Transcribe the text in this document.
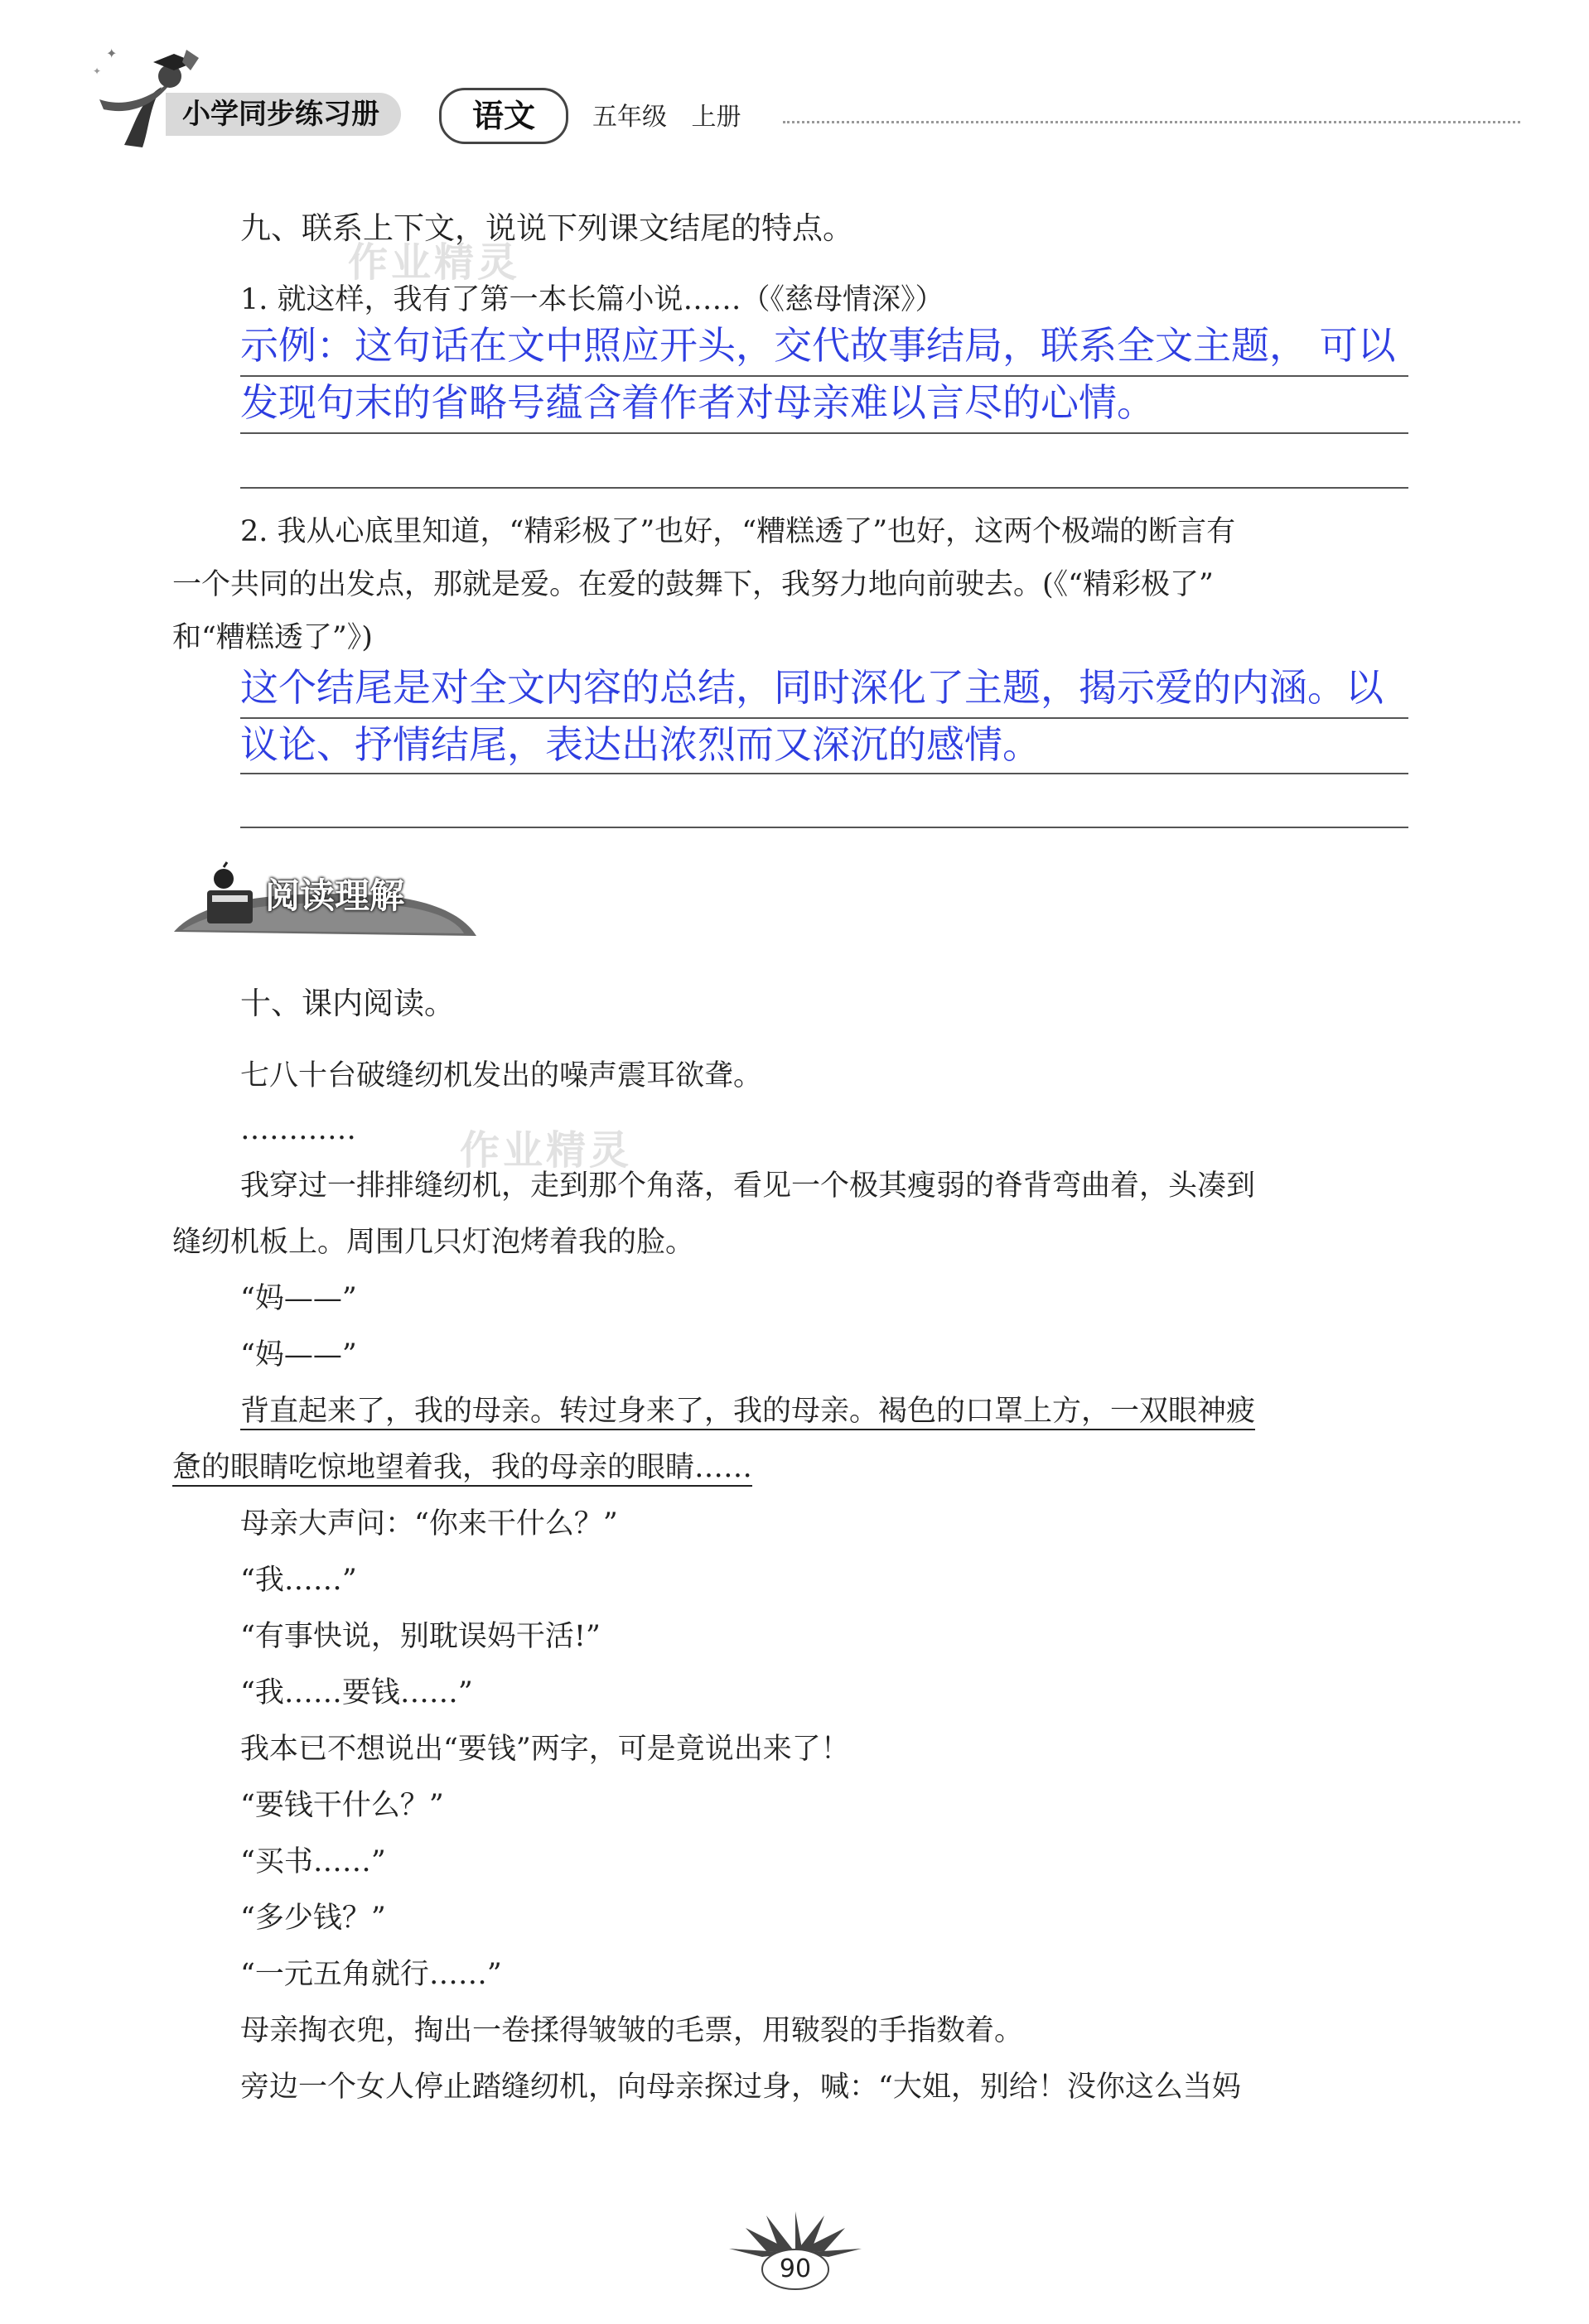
✦
✦
小学同步练习册	语文	五年级 上册
作业精灵
作业精灵
九、联系上下文，说说下列课文结尾的特点。
1. 就这样，我有了第一本长篇小说……（《慈母情深》）
示例：这句话在文中照应开头，交代故事结局，联系全文主题， 可以
发现句末的省略号蕴含着作者对母亲难以言尽的心情。
2. 我从心底里知道，“精彩极了”也好，“糟糕透了”也好，这两个极端的断言有
一个共同的出发点，那就是爱。在爱的鼓舞下，我努力地向前驶去。(《“精彩极了”
和“糟糕透了”》)
这个结尾是对全文内容的总结，同时深化了主题，揭示爱的内涵。以
议论、抒情结尾，表达出浓烈而又深沉的感情。
阅读理解
十、课内阅读。
七八十台破缝纫机发出的噪声震耳欲聋。
…………
我穿过一排排缝纫机，走到那个角落，看见一个极其瘦弱的脊背弯曲着，头凑到
缝纫机板上。周围几只灯泡烤着我的脸。
“妈——”
“妈——”
背直起来了，我的母亲。转过身来了，我的母亲。褐色的口罩上方，一双眼神疲
惫的眼睛吃惊地望着我，我的母亲的眼睛……
母亲大声问：“你来干什么？”
“我……”
“有事快说，别耽误妈干活!”
“我……要钱……”
我本已不想说出“要钱”两字，可是竟说出来了！
“要钱干什么？”
“买书……”
“多少钱？”
“一元五角就行……”
母亲掏衣兜，掏出一卷揉得皱皱的毛票，用皲裂的手指数着。
旁边一个女人停止踏缝纫机，向母亲探过身，喊：“大姐，别给！没你这么当妈
90
